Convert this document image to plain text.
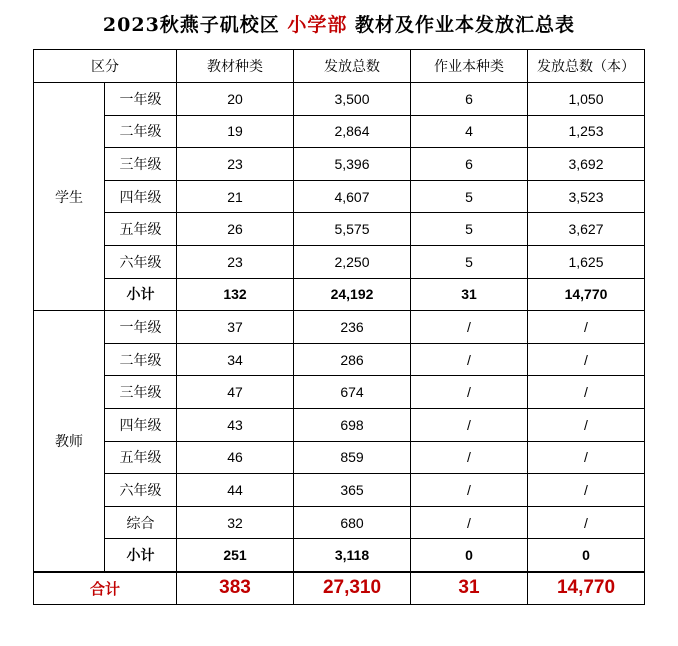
2023秋燕子矶校区 小学部 教材及作业本发放汇总表
区分		教材种类	发放总数	作业本种类	发放总数（本）
学生	一年级	20	3,500	6	1,050
	二年级	19	2,864	4	1,253
	三年级	23	5,396	6	3,692
	四年级	21	4,607	5	3,523
	五年级	26	5,575	5	3,627
	六年级	23	2,250	5	1,625
	小计	132	24,192	31	14,770
教师	一年级	37	236	/	/
	二年级	34	286	/	/
	三年级	47	674	/	/
	四年级	43	698	/	/
	五年级	46	859	/	/
	六年级	44	365	/	/
	综合	32	680	/	/
	小计	251	3,118	0	0
合计		383	27,310	31	14,770
